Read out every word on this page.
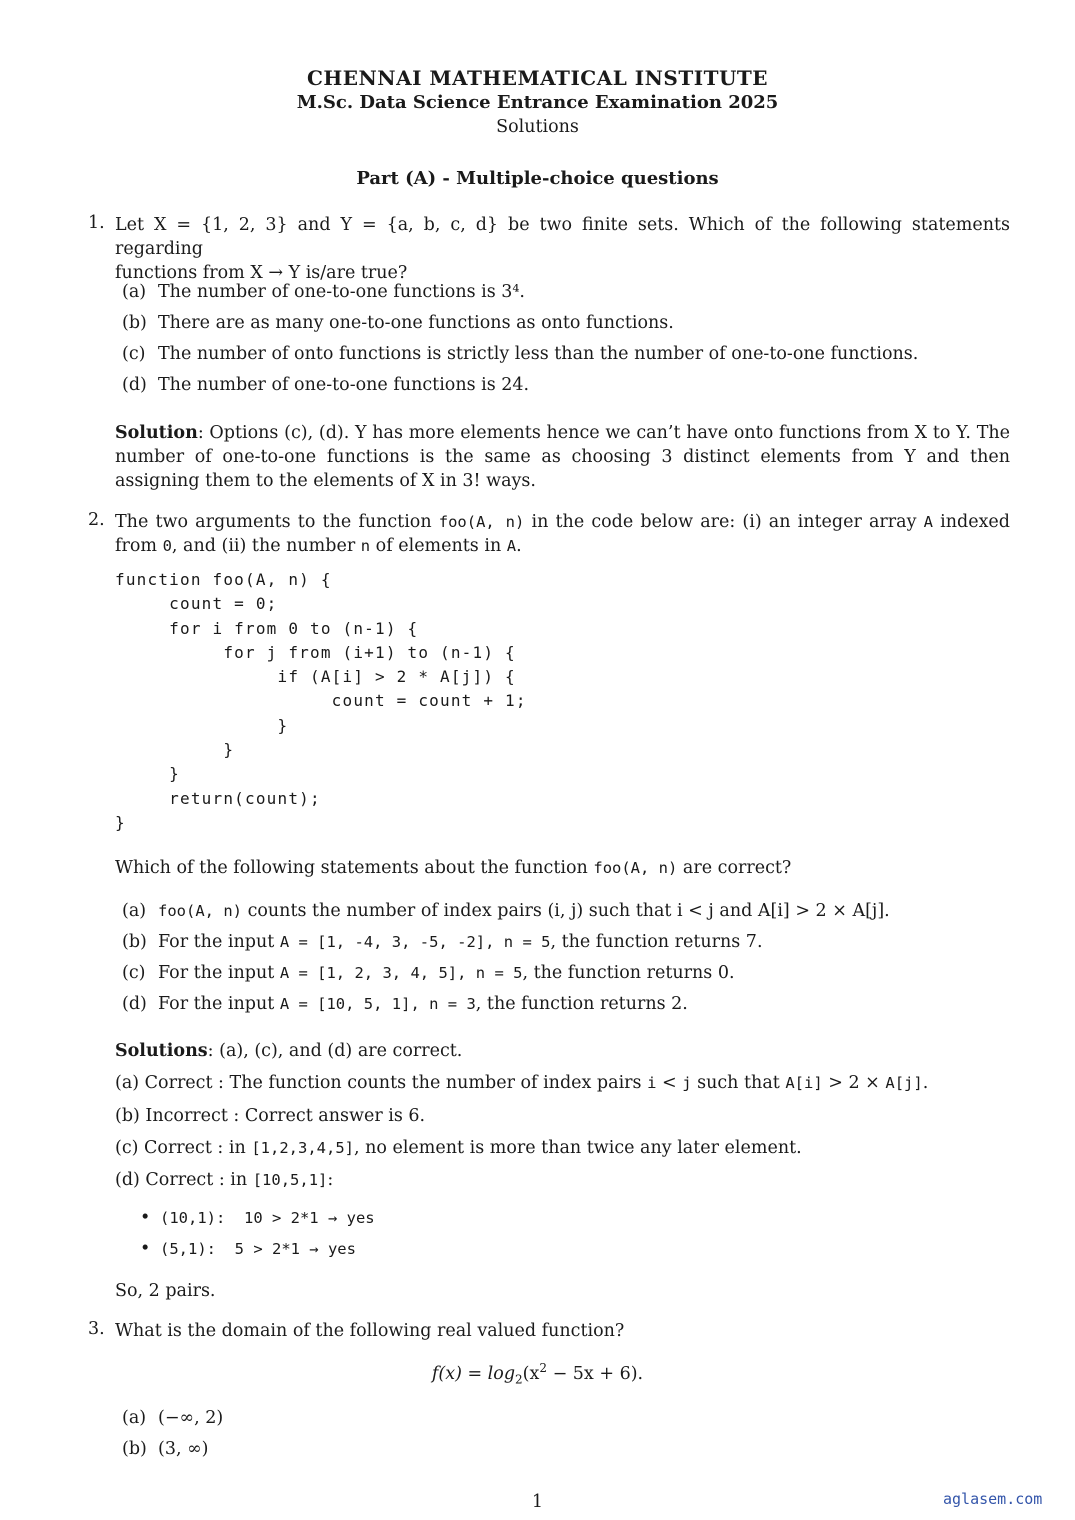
CHENNAI MATHEMATICAL INSTITUTE
M.Sc. Data Science Entrance Examination 2025
Solutions
Part (A) - Multiple-choice questions
1. Let X = {1, 2, 3} and Y = {a, b, c, d} be two finite sets. Which of the following statements regarding
functions from X → Y is/are true?
(a) The number of one-to-one functions is 3⁴.
(b) There are as many one-to-one functions as onto functions.
(c) The number of onto functions is strictly less than the number of one-to-one functions.
(d) The number of one-to-one functions is 24.
Solution: Options (c), (d). Y has more elements hence we can’t have onto functions from X to Y. The number of one-to-one functions is the same as choosing 3 distinct elements from Y and then assigning them to the elements of X in 3! ways.
2. The two arguments to the function foo(A, n) in the code below are: (i) an integer array A indexed from 0, and (ii) the number n of elements in A.
function foo(A, n) {
count = 0;
for i from 0 to (n-1) {
for j from (i+1) to (n-1) {
if (A[i] > 2 * A[j]) {
count = count + 1;
}
}
}
return(count);
}
Which of the following statements about the function foo(A, n) are correct?
(a) foo(A, n) counts the number of index pairs (i, j) such that i < j and A[i] > 2 × A[j].
(b) For the input A = [1, -4, 3, -5, -2], n = 5, the function returns 7.
(c) For the input A = [1, 2, 3, 4, 5], n = 5, the function returns 0.
(d) For the input A = [10, 5, 1], n = 3, the function returns 2.
Solutions: (a), (c), and (d) are correct.
(a) Correct : The function counts the number of index pairs i < j such that A[i] > 2 × A[j].
(b) Incorrect : Correct answer is 6.
(c) Correct : in [1,2,3,4,5], no element is more than twice any later element.
(d) Correct : in [10,5,1]:
• (10,1):  10 > 2*1 → yes
• (5,1):  5 > 2*1 → yes
So, 2 pairs.
3. What is the domain of the following real valued function?
$f(x) = \log_2(x^2 - 5x + 6)$.
(a) (−∞, 2)
(b) (3, ∞)
1	aglasem.com
